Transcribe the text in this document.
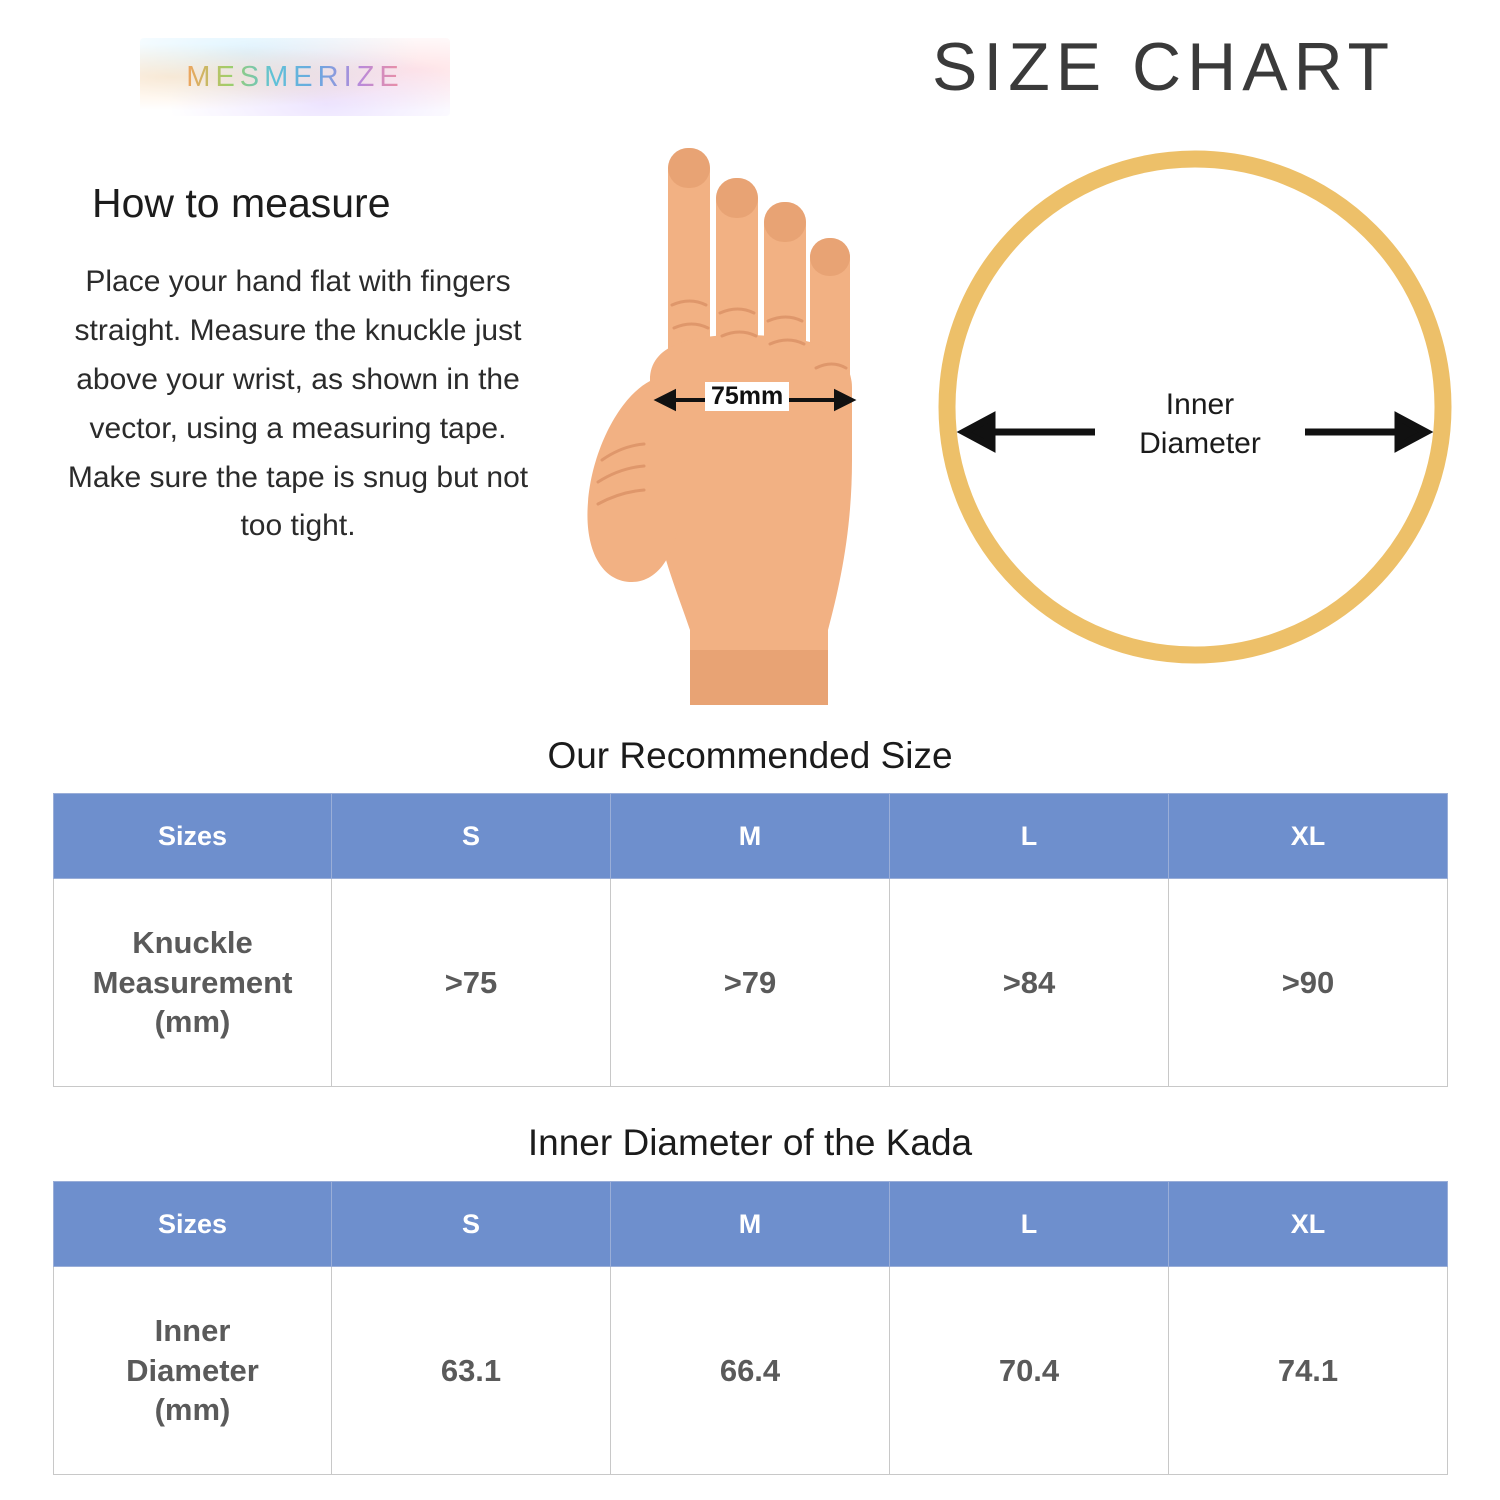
MESMERIZE	SIZE CHART
How to measure
Place your hand flat with fingers straight. Measure the knuckle just above your wrist, as shown in the vector, using a measuring tape. Make sure the tape is snug but not too tight.
75mm	Inner
Diameter
Our Recommended Size
Sizes	S	M	L	XL

Knuckle
Measurement
(mm)	>75	>79	>84	>90
Inner Diameter of the Kada
Sizes	S	M	L	XL

Inner
Diameter
(mm)	63.1	66.4	70.4	74.1
